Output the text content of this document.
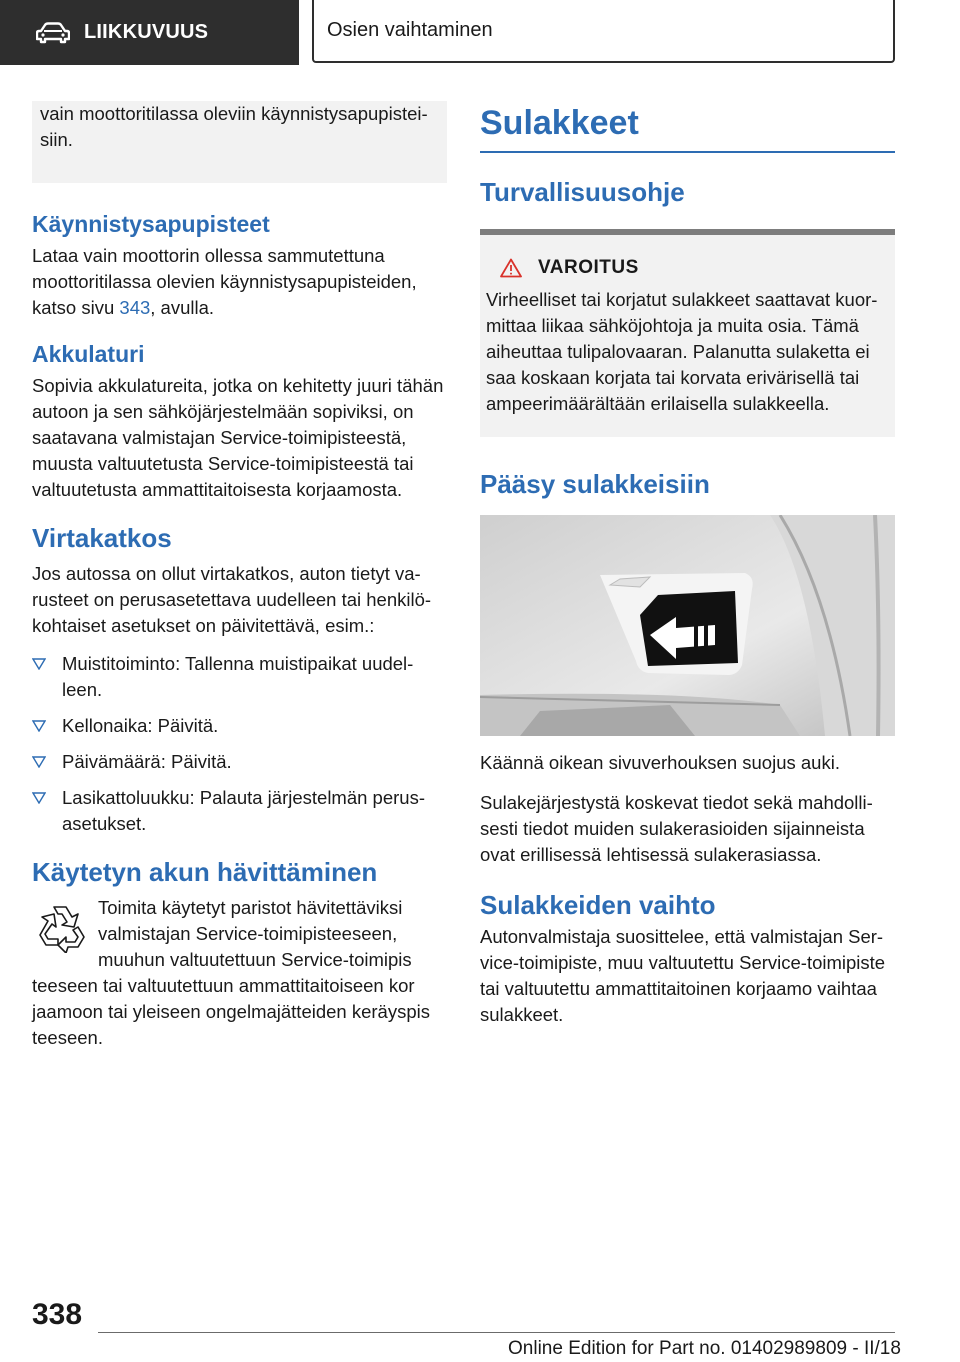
LIIKKUVUUS	Osien vaihtaminen

vain moottoritilassa oleviin käynnistysapupisteisiin.

Käynnistysapupisteet

Lataa vain moottorin ollessa sammutettuna moottoritilassa olevien käynnistysapupisteiden, katso sivu 343, avulla.

Akkulaturi

Sopivia akkulatureita, jotka on kehitetty juuri tähän autoon ja sen sähköjärjestelmään sopiviksi, on saatavana valmistajan Service-toimipisteestä, muusta valtuutetusta Service-toimipisteestä tai valtuutetusta ammattitaitoisesta korjaamosta.

Virtakatkos

Jos autossa on ollut virtakatkos, auton tietyt varusteet on perusasetettava uudelleen tai henkilökohtaiset asetukset on päivitettävä, esim.:

Muistitoiminto: Tallenna muistipaikat uudelleen.
Kellonaika: Päivitä.
Päivämäärä: Päivitä.
Lasikattoluukku: Palauta järjestelmän perusasetukset.
Käytetyn akun hävittäminen

Toimita käytetyt paristot hävitettäviksi
valmistajan Service-toimipisteeseen,
muuhun valtuutettuun Service-toimipis
teeseen tai valtuutettuun ammattitaitoiseen kor
jaamoon tai yleiseen ongelmajätteiden keräyspis
teeseen.

Sulakkeet
Turvallisuusohje
VAROITUS

Virheelliset tai korjatut sulakkeet saattavat kuormittaa liikaa sähköjohtoja ja muita osia. Tämä aiheuttaa tulipalovaaran. Palanutta sulaketta ei saa koskaan korjata tai korvata erivärisellä tai ampeerimäärältään erilaisella sulakkeella.

Pääsy sulakkeisiin

Käännä oikean sivuverhouksen suojus auki.

Sulakejärjestystä koskevat tiedot sekä mahdollisesti tiedot muiden sulakerasioiden sijainneista ovat erillisessä lehtisessä sulakerasiassa.

Sulakkeiden vaihto

Autonvalmistaja suosittelee, että valmistajan Service-toimipiste, muu valtuutettu Service-toimipiste tai valtuutettu ammattitaitoinen korjaamo vaihtaa sulakkeet.

338
Online Edition for Part no. 01402989809 - II/18
